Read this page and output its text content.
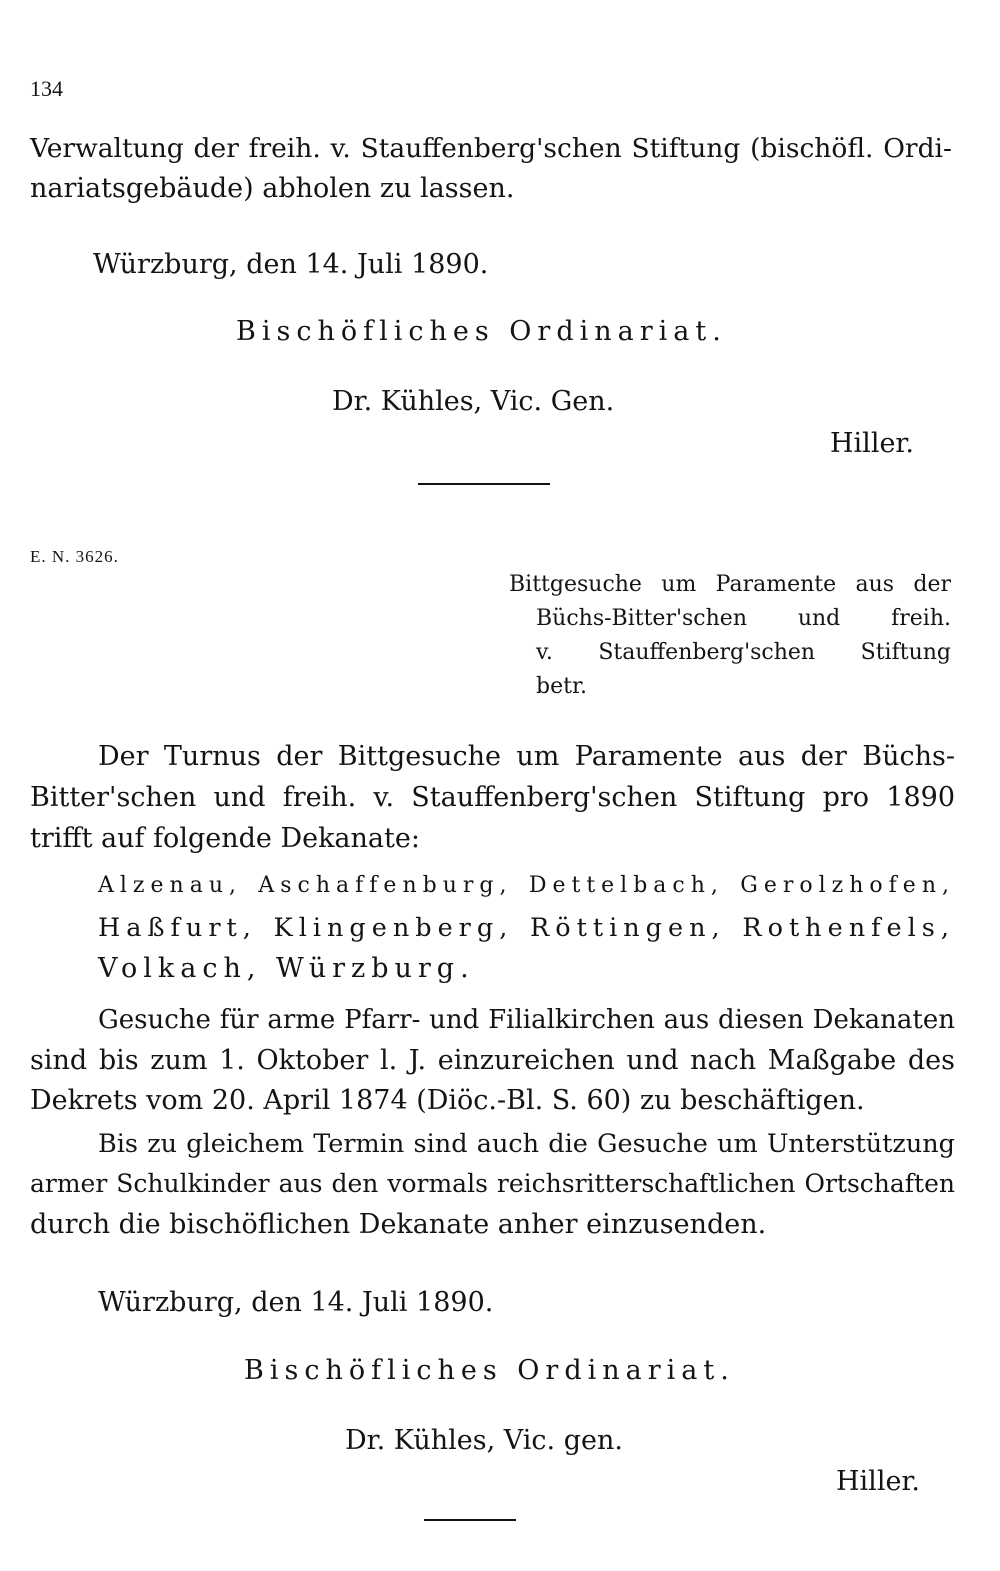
134
Verwaltung der freih. v. Stauffenberg'schen Stiftung (bischöfl. Ordi-
nariatsgebäude) abholen zu lassen.
Würzburg, den 14. Juli 1890.
Bischöfliches Ordinariat.
Dr. Kühles, Vic. Gen.
Hiller.
E. N. 3626.
Bittgesuche um Paramente aus der
Büchs-Bitter'schen und freih.
v. Stauffenberg'schen Stiftung
betr.
Der Turnus der Bittgesuche um Paramente aus der Büchs-
Bitter'schen und freih. v. Stauffenberg'schen Stiftung pro 1890
trifft auf folgende Dekanate:
Alzenau, Aschaffenburg, Dettelbach, Gerolzhofen,
Haßfurt, Klingenberg, Röttingen, Rothenfels,
Volkach, Würzburg.
Gesuche für arme Pfarr- und Filialkirchen aus diesen Dekanaten
sind bis zum 1. Oktober l. J. einzureichen und nach Maßgabe des
Dekrets vom 20. April 1874 (Diöc.-Bl. S. 60) zu beschäftigen.
Bis zu gleichem Termin sind auch die Gesuche um Unterstützung
armer Schulkinder aus den vormals reichsritterschaftlichen Ortschaften
durch die bischöflichen Dekanate anher einzusenden.
Würzburg, den 14. Juli 1890.
Bischöfliches Ordinariat.
Dr. Kühles, Vic. gen.
Hiller.
